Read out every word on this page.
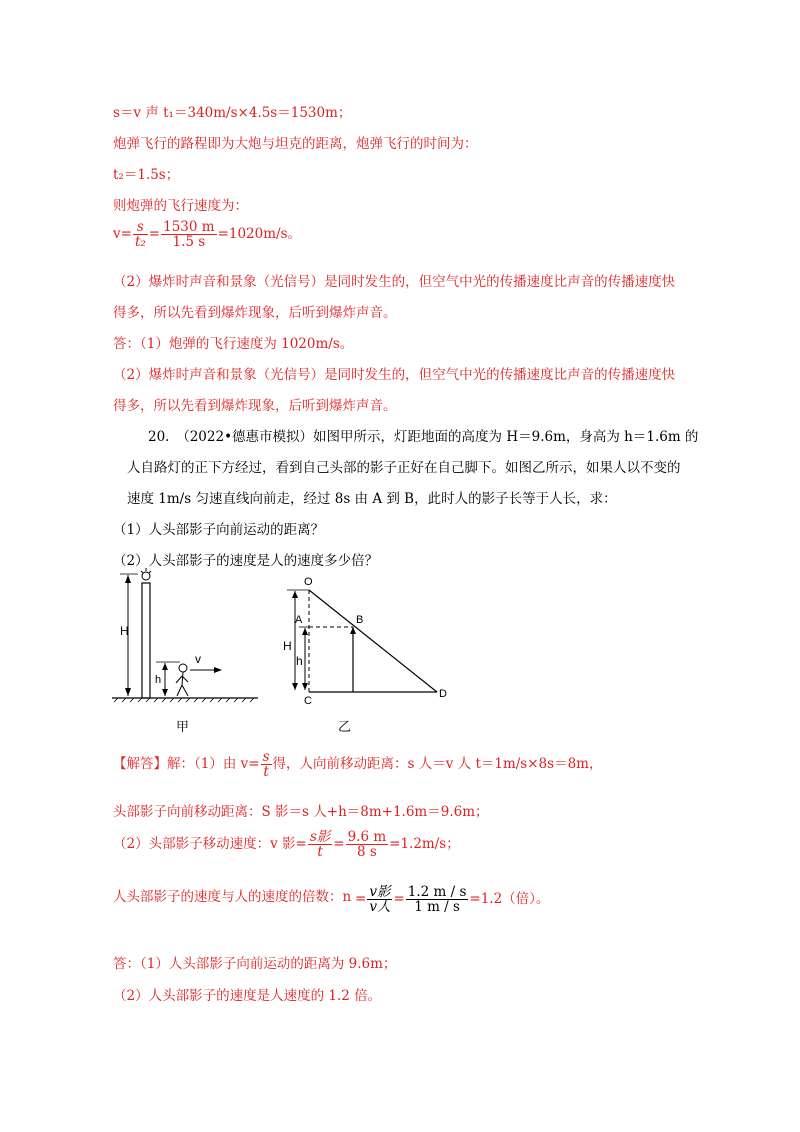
s＝v 声 t₁＝340m/s×4.5s＝1530m；
炮弹飞行的路程即为大炮与坦克的距离，炮弹飞行的时间为：
t₂＝1.5s；
则炮弹的飞行速度为：
$v= \frac{s}{\text{t₂}} = \frac{1530 m}{1.5 s} =1020m/s$。
（2）爆炸时声音和景象（光信号）是同时发生的，但空气中光的传播速度比声音的传播速度快
得多，所以先看到爆炸现象，后听到爆炸声音。
答：（1）炮弹的飞行速度为 1020m/s。
（2）爆炸时声音和景象（光信号）是同时发生的，但空气中光的传播速度比声音的传播速度快
得多，所以先看到爆炸现象，后听到爆炸声音。
20.　（2022•德惠市模拟）如图甲所示，灯距地面的高度为 H＝9.6m，身高为 h＝1.6m 的
人自路灯的正下方经过，看到自己头部的影子正好在自己脚下。如图乙所示，如果人以不变的
速度 1m/s 匀速直线向前走，经过 8s 由 A 到 B，此时人的影子长等于人长，求：
（1）人头部影子向前运动的距离？
（2）人头部影子的速度是人的速度多少倍？
H
h
v
甲
H
h
O
A	B
C
D
乙
【解答】解：（1）由 $v= \frac{s}{t}$ 得，人向前移动距离：s 人＝v 人 t＝1m/s×8s＝8m，
头部影子向前移动距离：S 影＝s 人+h＝8m+1.6m＝9.6m；
（2）头部影子移动速度：v 影= $\frac{\text{s影}}{t} = \frac{9.6 m}{8 s} =1.2m/s$；
人头部影子的速度与人的速度的倍数：$n = \frac{\text{v影}}{\text{v人}} = \frac{1.2 m / s}{1 m / s} =1.2$（倍）。
答：（1）人头部影子向前运动的距离为 9.6m；
（2）人头部影子的速度是人速度的 1.2 倍。
